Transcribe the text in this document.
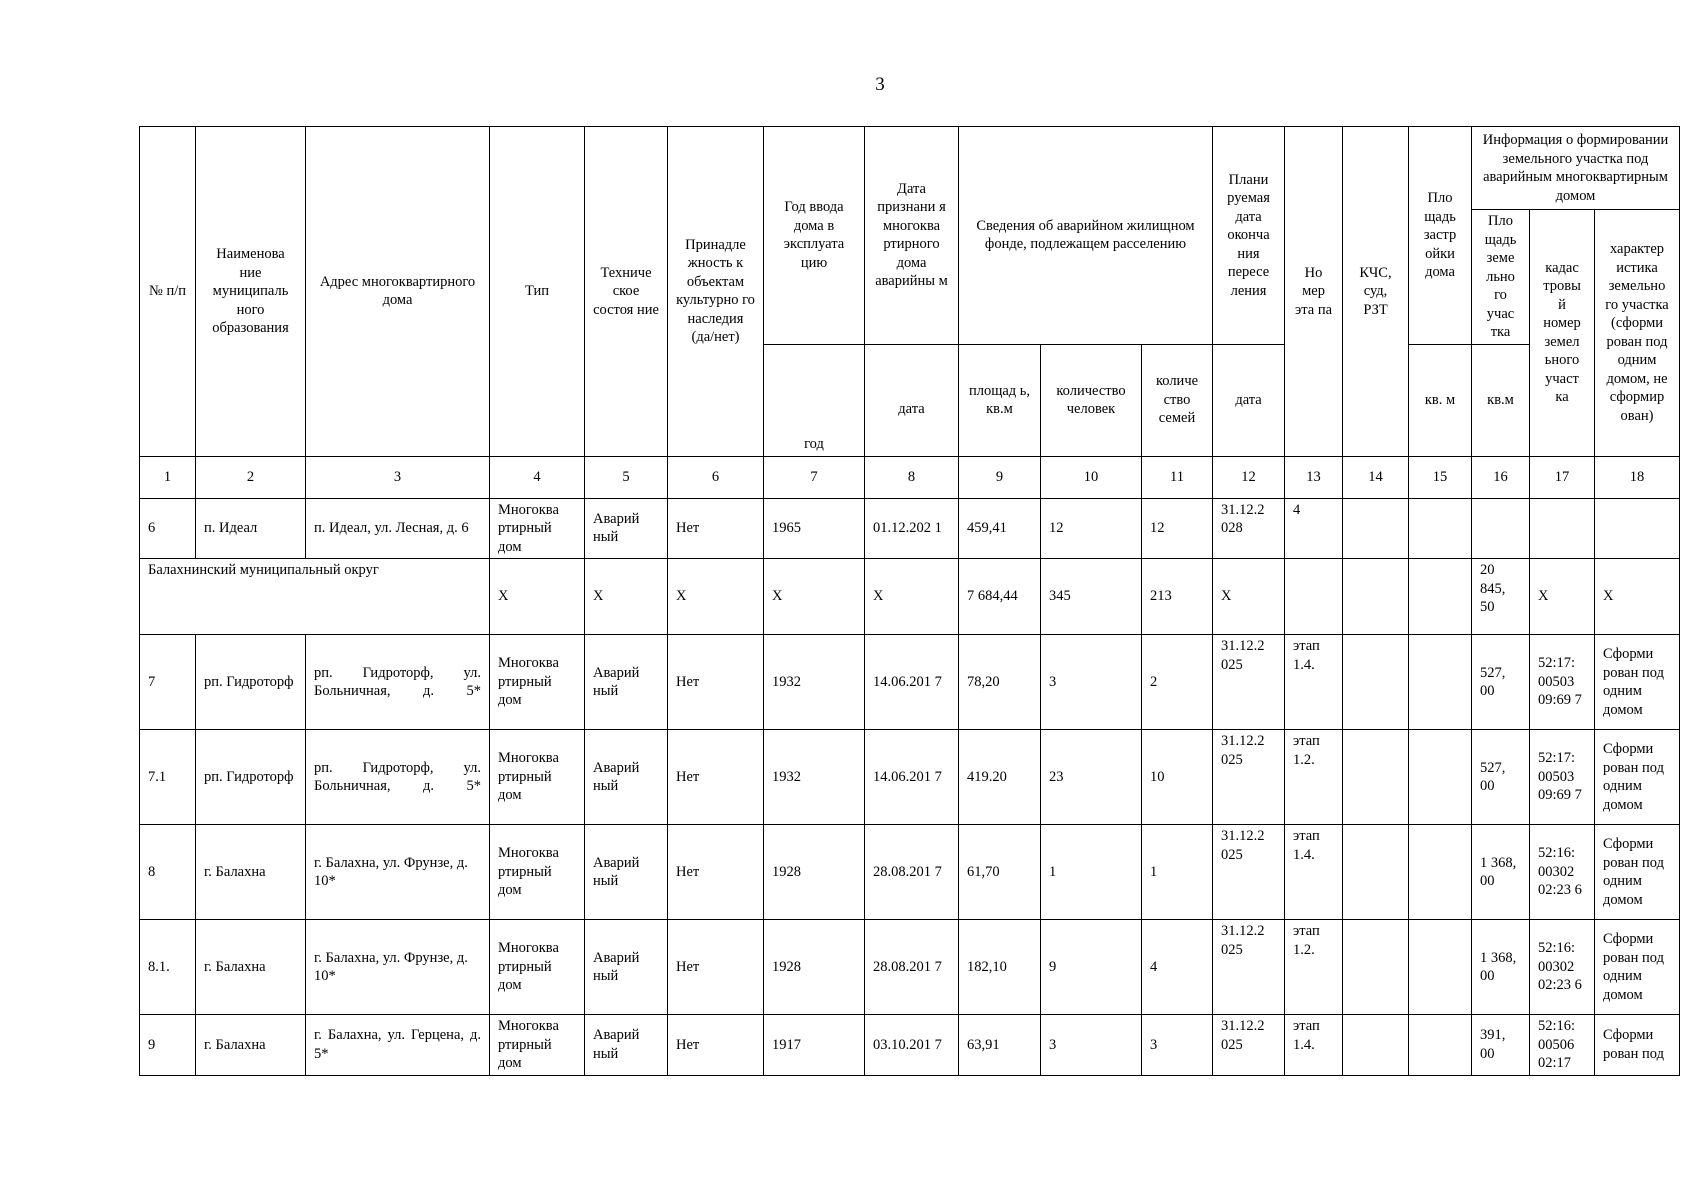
3
№ п/п	Наименова ние муниципаль ного образования	Адрес многоквартирного дома	Тип	Техниче ское состоя ние	Принадле жность к объектам культурно го наследия (да/нет)	Год ввода дома в эксплуата цию	Дата признани я многоква ртирного дома аварийны м	Сведения об аварийном жилищном фонде, подлежащем расселению			Плани руемая дата оконча ния пересе ления	Но мер эта па	КЧС, суд, РЗТ	Пло щадь застр ойки дома	Информация о формировании земельного участка под аварийным многоквартирным домом		
															Пло щадь земе льно го учас тка	кадас тровы й номер земел ьного участ ка	характер истика земельно го участка (сформи рован под одним домом, не сформир ован)
						год	дата	площад ь, кв.м	количество человек	количе ство семей	дата			кв. м	кв.м		
1	2	3	4	5	6	7	8	9	10	11	12	13	14	15	16	17	18
6	п. Идеал	п. Идеал, ул. Лесная, д. 6	Многоква ртирный дом	Аварий ный	Нет	1965	01.12.202 1	459,41	12	12	31.12.2 028	4					
Балахнинский муниципальный округ			X	X	X	X	X	7 684,44	345	213	X				20 845, 50	X	X
7	рп. Гидроторф	рп. Гидроторф, ул. Больничная, д. 5*	Многоква ртирный дом	Аварий ный	Нет	1932	14.06.201 7	78,20	3	2	31.12.2 025	этап 1.4.			527, 00	52:17: 00503 09:69 7	Сформи рован под одним домом
7.1	рп. Гидроторф	рп. Гидроторф, ул. Больничная, д. 5*	Многоква ртирный дом	Аварий ный	Нет	1932	14.06.201 7	419.20	23	10	31.12.2 025	этап 1.2.			527, 00	52:17: 00503 09:69 7	Сформи рован под одним домом
8	г. Балахна	г. Балахна, ул. Фрунзе, д. 10*	Многоква ртирный дом	Аварий ный	Нет	1928	28.08.201 7	61,70	1	1	31.12.2 025	этап 1.4.			1 368, 00	52:16: 00302 02:23 6	Сформи рован под одним домом
8.1.	г. Балахна	г. Балахна, ул. Фрунзе, д. 10*	Многоква ртирный дом	Аварий ный	Нет	1928	28.08.201 7	182,10	9	4	31.12.2 025	этап 1.2.			1 368, 00	52:16: 00302 02:23 6	Сформи рован под одним домом
9	г. Балахна	г. Балахна, ул. Герцена, д. 5*	Многоква ртирный дом	Аварий ный	Нет	1917	03.10.201 7	63,91	3	3	31.12.2 025	этап 1.4.			391, 00	52:16: 00506 02:17	Сформи рован под
